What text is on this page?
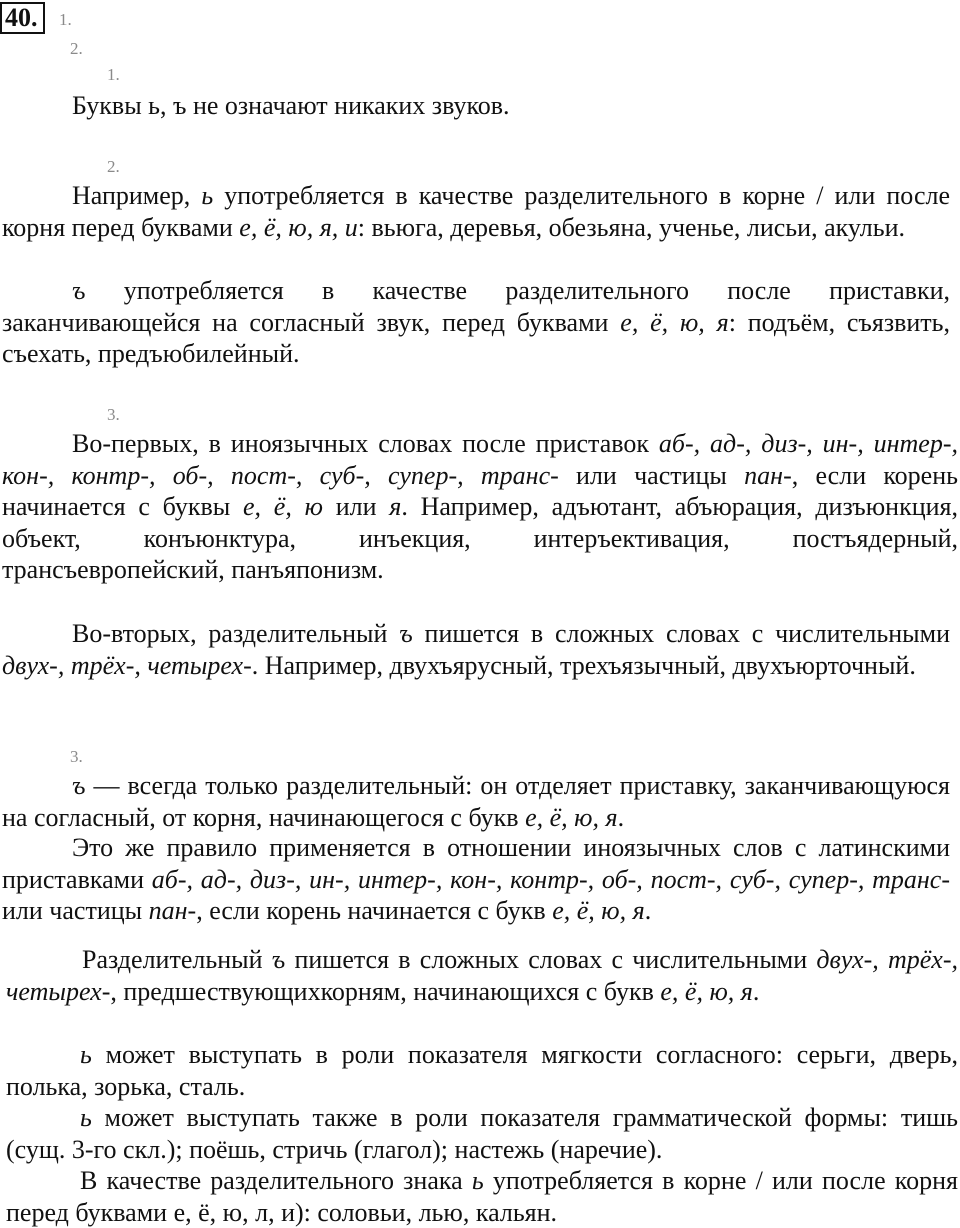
40.	1.
2.
1.

Буквы ь, ъ не означают никаких звуков.

2.

Например, ь употребляется в качестве разделительного в корне / или после корня перед буквами е, ё, ю, я, и: вьюга, деревья, обезьяна, ученье, лисьи, акульи.

ъ употребляется в качестве разделительного после приставки, заканчивающейся на согласный звук, перед буквами е, ё, ю, я: подъём, съязвить, съехать, предъюбилейный.

3.

Во-первых, в иноязычных словах после приставок аб-, ад-, диз-, ин-, интер-, кон-, контр-, об-, пост-, суб-, супер-, транс- или частицы пан-, если корень начинается с буквы е, ё, ю или я. Например, адъютант, абъюрация, дизъюнкция, объект, конъюнктура, инъекция, интеръективация, постъядерный, трансъевропейский, панъяпонизм.

Во-вторых, разделительный ъ пишется в сложных словах с числительными двух-, трёх-, четырех-. Например, двухъярусный, трехъязычный, двухъюрточный.

3.

ъ — всегда только разделительный: он отделяет приставку, заканчивающуюся на согласный, от корня, начинающегося с букв е, ё, ю, я.

Это же правило применяется в отношении иноязычных слов с латинскими приставками аб-, ад-, диз-, ин-, интер-, кон-, контр-, об-, пост-, суб-, супер-, транс- или частицы пан-, если корень начинается с букв е, ё, ю, я.

Разделительный ъ пишется в сложных словах с числительными двух-, трёх-, четырех-, предшествующихкорням, начинающихся с букв е, ё, ю, я.

ь может выступать в роли показателя мягкости согласного: серьги, дверь, полька, зорька, сталь.

ь может выступать также в роли показателя грамматической формы: тишь (сущ. 3-го скл.); поёшь, стричь (глагол); настежь (наречие).

В качестве разделительного знака ь употребляется в корне / или после корня перед буквами е, ё, ю, л, и): соловьи, лью, кальян.
